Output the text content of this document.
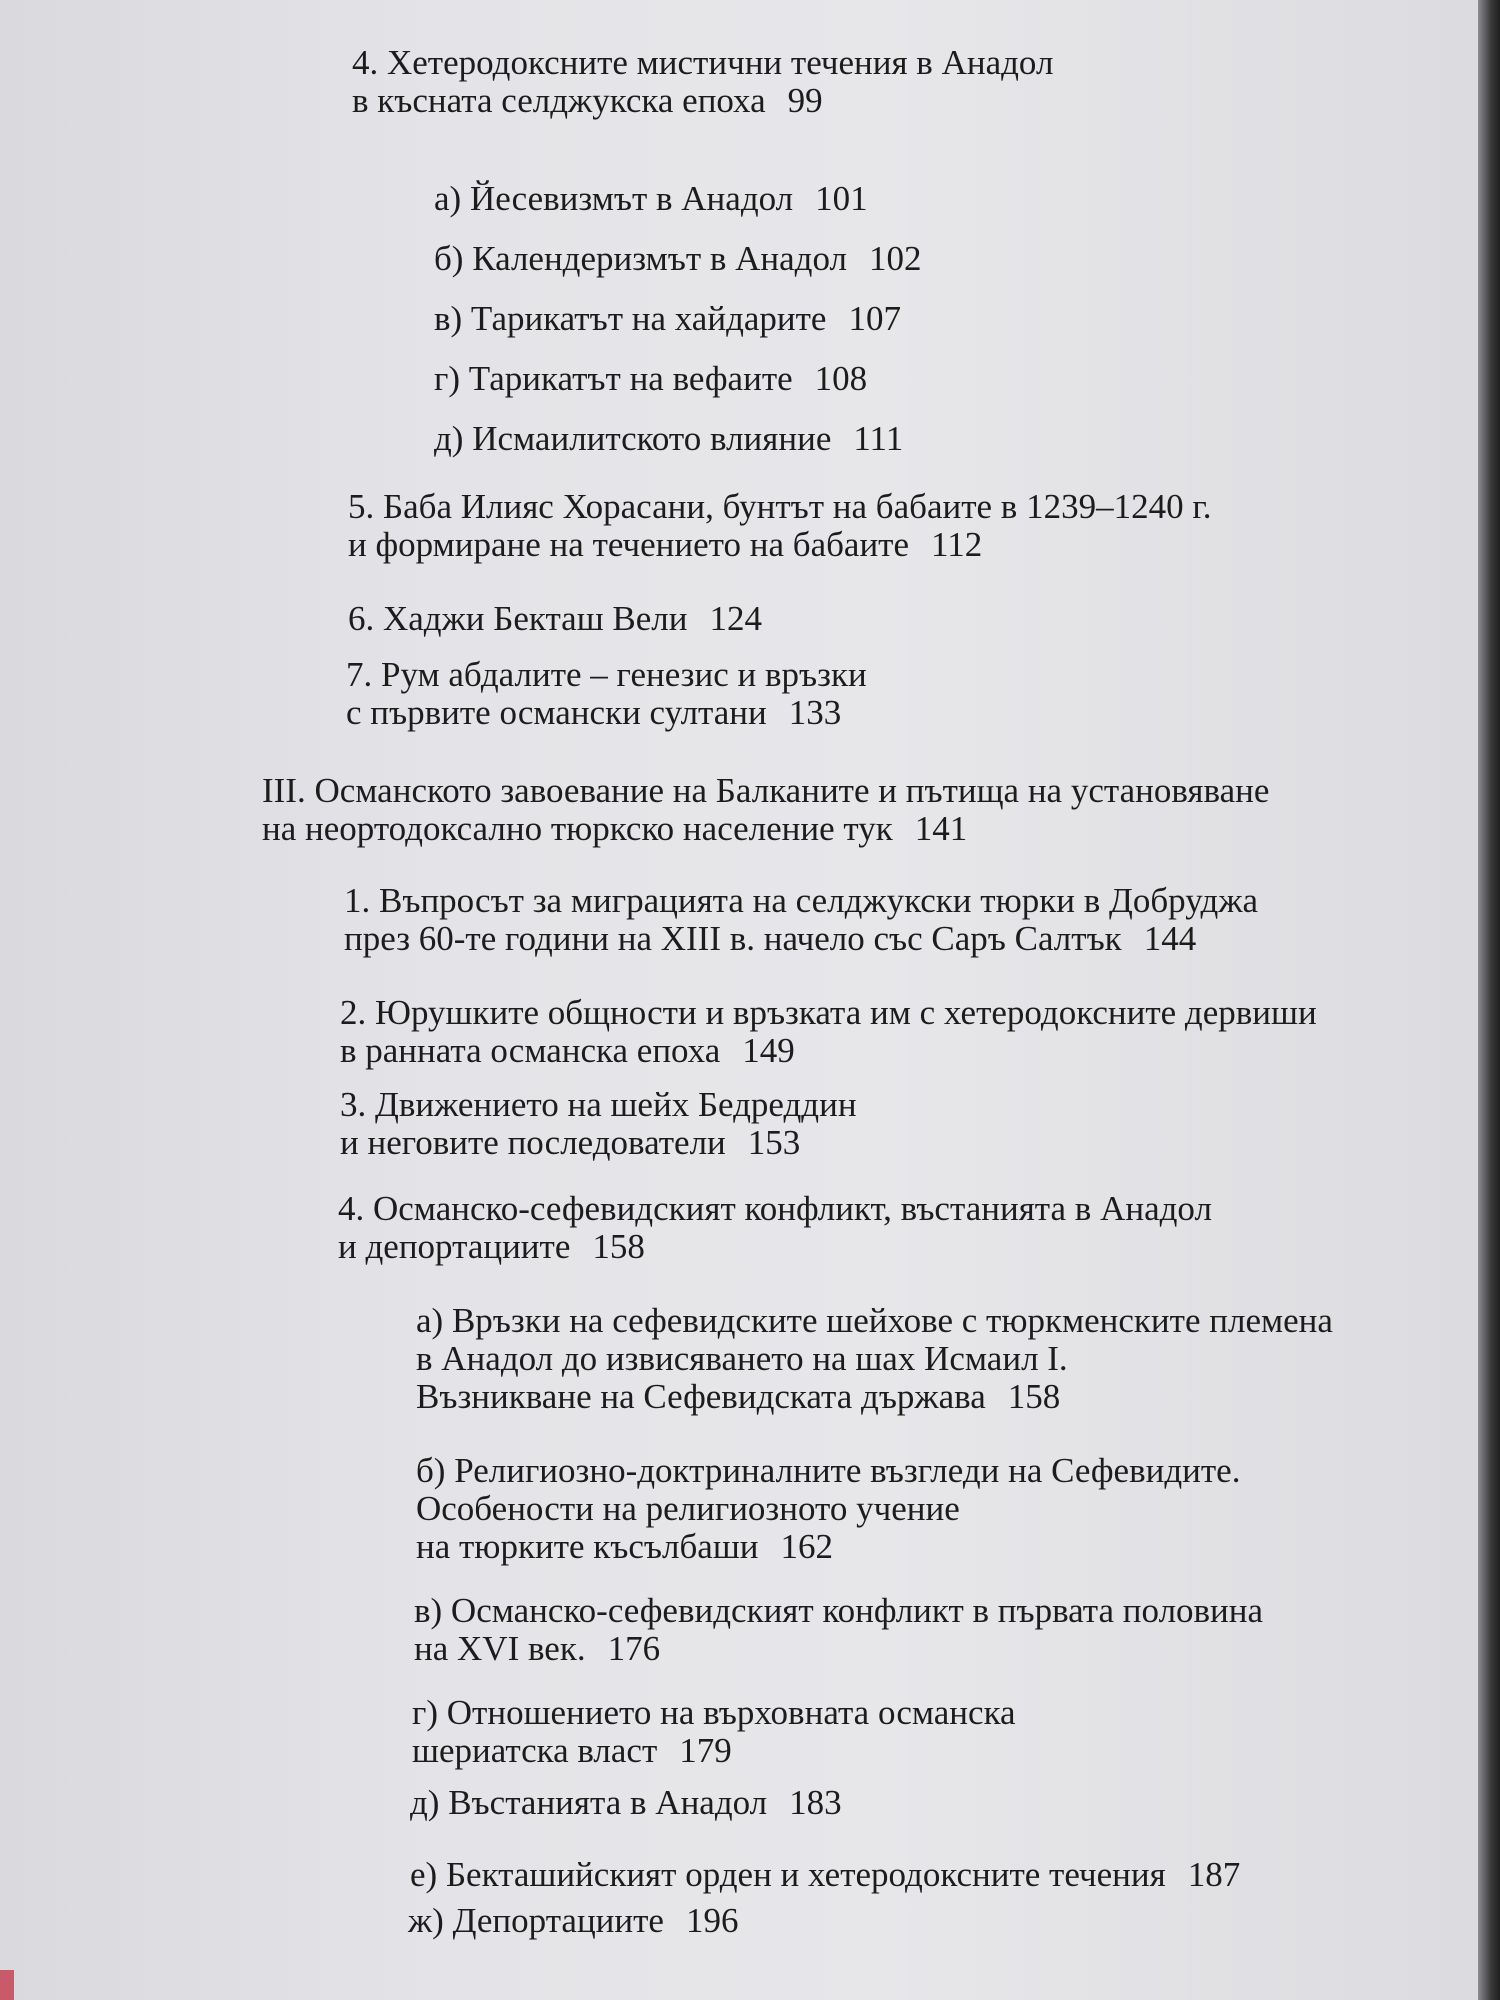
4. Хетеродоксните мистични течения в Анадол
в късната селджукска епоха 99
а) Йесевизмът в Анадол 101
б) Календеризмът в Анадол 102
в) Тарикатът на хайдарите 107
г) Тарикатът на вефаите 108
д) Исмаилитското влияние 111
5. Баба Илияс Хорасани, бунтът на бабаите в 1239–1240 г.
и формиране на течението на бабаите 112
6. Хаджи Бекташ Вели 124
7. Рум абдалите – генезис и връзки
с първите османски султани 133
III. Османското завоевание на Балканите и пътища на установяване
на неортодоксално тюркско население тук 141
1. Въпросът за миграцията на селджукски тюрки в Добруджа
през 60-те години на XIII в. начело със Саръ Салтък 144
2. Юрушките общности и връзката им с хетеродоксните дервиши
в ранната османска епоха 149
3. Движението на шейх Бедреддин
и неговите последователи 153
4. Османско-сефевидският конфликт, въстанията в Анадол
и депортациите 158
а) Връзки на сефевидските шейхове с тюркменските племена
в Анадол до извисяването на шах Исмаил I.
Възникване на Сефевидската държава 158
б) Религиозно-доктриналните възгледи на Сефевидите.
Особености на религиозното учение
на тюрките късълбаши 162
в) Османско-сефевидският конфликт в първата половина
на XVI век. 176
г) Отношението на върховната османска
шериатска власт 179
д) Въстанията в Анадол 183
е) Бекташийският орден и хетеродоксните течения 187
ж) Депортациите 196
